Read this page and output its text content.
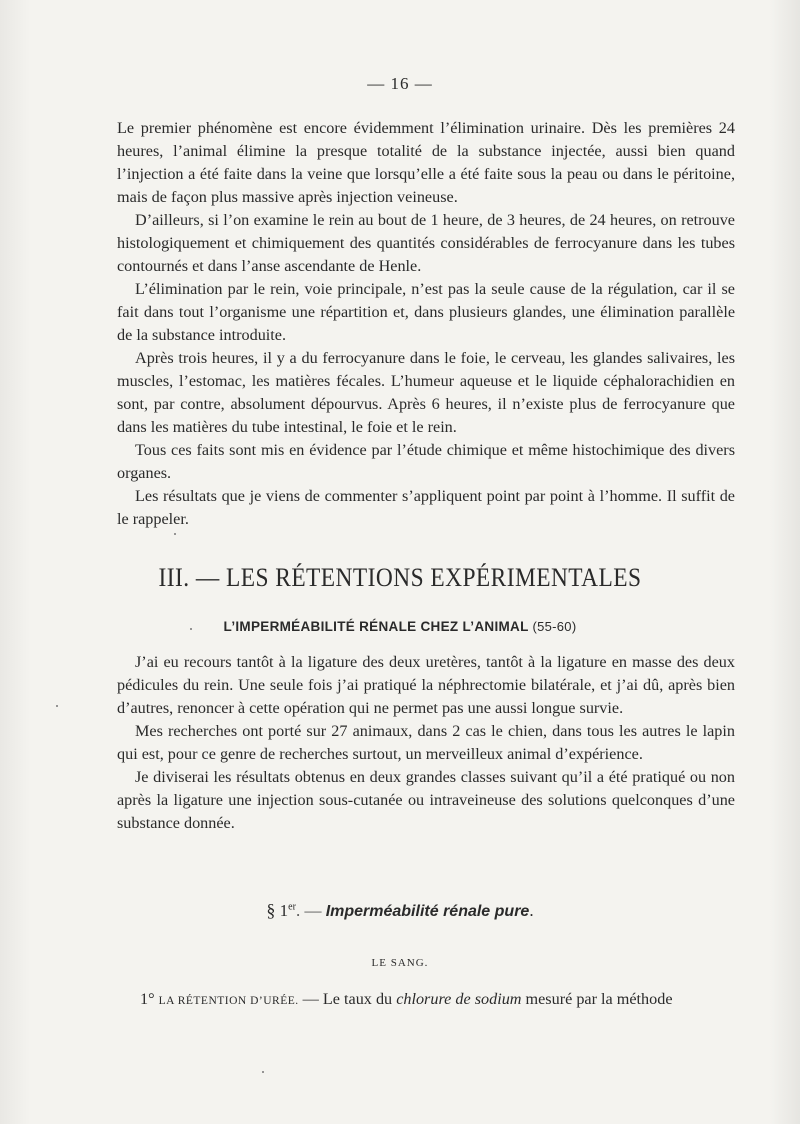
— 16 —

Le premier phénomène est encore évidemment l’élimination urinaire. Dès les premières 24 heures, l’animal élimine la presque totalité de la substance injectée, aussi bien quand l’injection a été faite dans la veine que lorsqu’elle a été faite sous la peau ou dans le péritoine, mais de façon plus massive après injection veineuse.

D’ailleurs, si l’on examine le rein au bout de 1 heure, de 3 heures, de 24 heures, on retrouve histologiquement et chimiquement des quantités considérables de ferrocyanure dans les tubes contournés et dans l’anse ascendante de Henle.

L’élimination par le rein, voie principale, n’est pas la seule cause de la régulation, car il se fait dans tout l’organisme une répartition et, dans plusieurs glandes, une élimination parallèle de la substance introduite.

Après trois heures, il y a du ferrocyanure dans le foie, le cerveau, les glandes salivaires, les muscles, l’estomac, les matières fécales. L’humeur aqueuse et le liquide céphalorachidien en sont, par contre, absolument dépourvus. Après 6 heures, il n’existe plus de ferrocyanure que dans les matières du tube intestinal, le foie et le rein.

Tous ces faits sont mis en évidence par l’étude chimique et même histochimique des divers organes.

Les résultats que je viens de commenter s’appliquent point par point à l’homme. Il suffit de le rappeler.

III. — LES RÉTENTIONS EXPÉRIMENTALES
L’IMPERMÉABILITÉ RÉNALE CHEZ L’ANIMAL (55-60)

J’ai eu recours tantôt à la ligature des deux uretères, tantôt à la ligature en masse des deux pédicules du rein. Une seule fois j’ai pratiqué la néphrectomie bilatérale, et j’ai dû, après bien d’autres, renoncer à cette opération qui ne permet pas une aussi longue survie.

Mes recherches ont porté sur 27 animaux, dans 2 cas le chien, dans tous les autres le lapin qui est, pour ce genre de recherches surtout, un merveilleux animal d’expérience.

Je diviserai les résultats obtenus en deux grandes classes suivant qu’il a été pratiqué ou non après la ligature une injection sous-cutanée ou intraveineuse des solutions quelconques d’une substance donnée.

§ 1er. — Imperméabilité rénale pure.
LE SANG.
1° LA RÉTENTION D’URÉE. — Le taux du chlorure de sodium mesuré par la méthode
